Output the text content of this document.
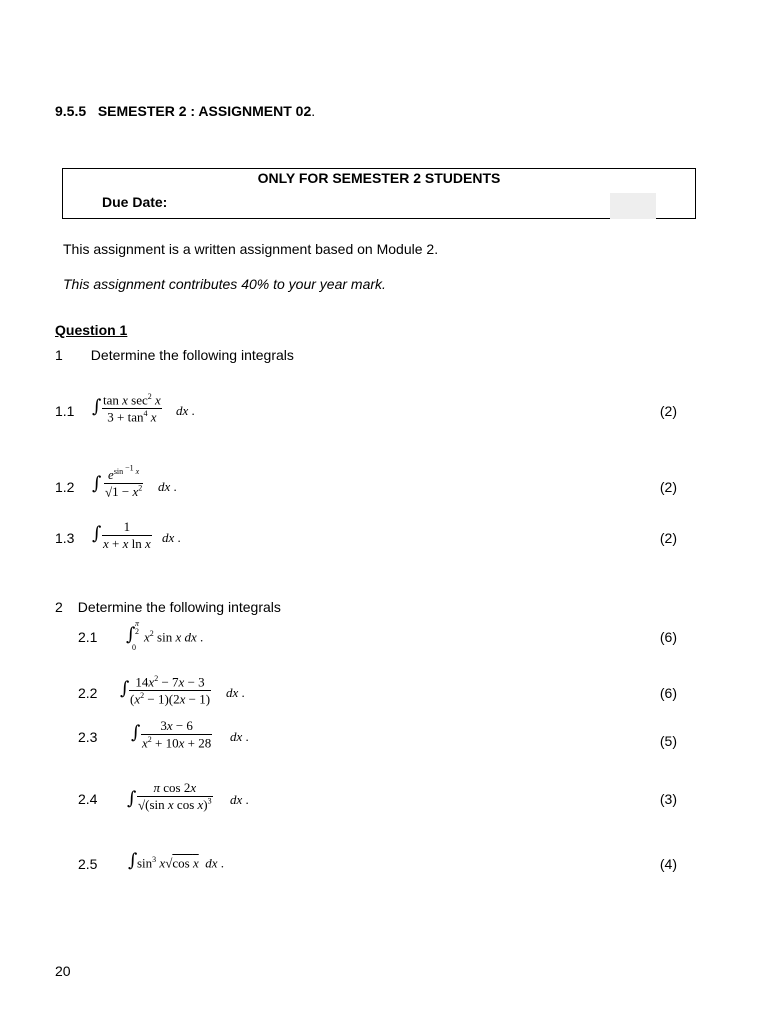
9.5.5 SEMESTER 2 : ASSIGNMENT 02.
ONLY FOR SEMESTER 2 STUDENTS
Due Date:
This assignment is a written assignment based on Module 2.
This assignment contributes 40% to your year mark.
Question 1
1 Determine the following integrals
1.1 ∫ tan x $\sec^2 x$
$3 + \tan^4 x$	dx .	(2)
1.2 ∫ $\frac{e^{sin ^{-1} x}}{√1 - x^2}$ dx .	(2)
1.3 ∫ $\frac{1}{\text{x + x ln x}}$ dx .	(2)
2 Determine the following integrals
2.1 ∫
π
2
0
$x^2$ sin x dx .	(6)
2.2 ∫ $\frac{14x^2 - 7x - 3}{(x^2 - 1)(2x - 1)}$ dx .	(6)
2.3 ∫ $\frac{3x - 6}{x^2 + 10x + 28}$ dx .	(5)
2.4 ∫ $\frac{\text{π cos 2x}}{√(\sin x \cos x)^3}$ dx .	(3)
2.5 ∫ $\sin^3 x√\cos$ x dx .	(4)
20
